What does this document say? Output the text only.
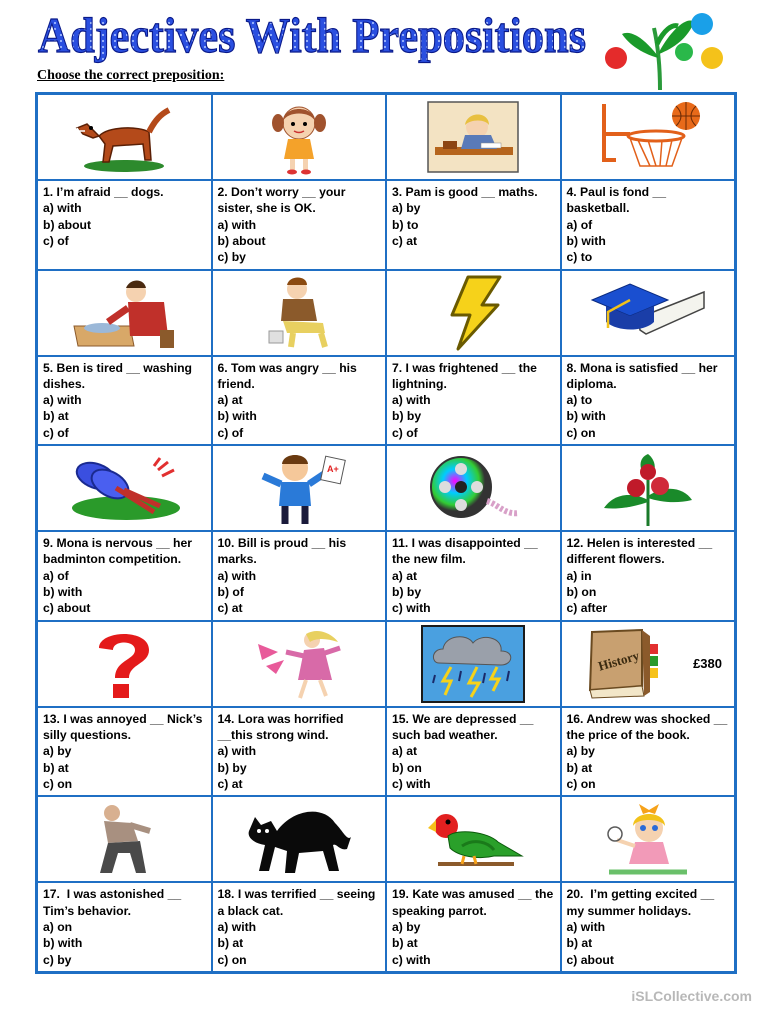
Adjectives With Prepositions
Choose the correct preposition:
1. I’m afraid __ dogs.
a) with
b) about
c) of
2. Don’t worry __ your sister, she is OK.
a) with
b) about
c) by
3. Pam is good __ maths.
a) by
b) to
c) at
4. Paul is fond __ basketball.
a) of
b) with
c) to
5. Ben is tired __ washing dishes.
a) with
b) at
c) of
6. Tom was angry __ his friend.
a) at
b) with
c) of
7. I was frightened __ the lightning.
a) with
b) by
c) of
8. Mona is satisfied __ her diploma.
a) to
b) with
c) on
9. Mona is nervous __ her badminton competition.
a) of
b) with
c) about
A+
10. Bill is proud __ his marks.
a) with
b) of
c) at
11. I was disappointed __ the new film.
a) at
b) by
c) with
12. Helen is interested __ different flowers.
a) in
b) on
c) after
13. I was annoyed __ Nick’s silly questions.
a) by
b) at
c) on
14. Lora was horrified __this strong wind.
a) with
b) by
c) at
15. We are depressed __ such bad weather.
a) at
b) on
c) with
History	£380
16. Andrew was shocked __ the price of the book.
a) by
b) at
c) on
17.  I was astonished __ Tim’s behavior.
a) on
b) with
c) by
18. I was terrified __ seeing a black cat.
a) with
b) at
c) on
19. Kate was amused __ the speaking parrot.
a) by
b) at
c) with
20.  I’m getting excited __ my summer holidays.
a) with
b) at
c) about
iSLCollective.com
